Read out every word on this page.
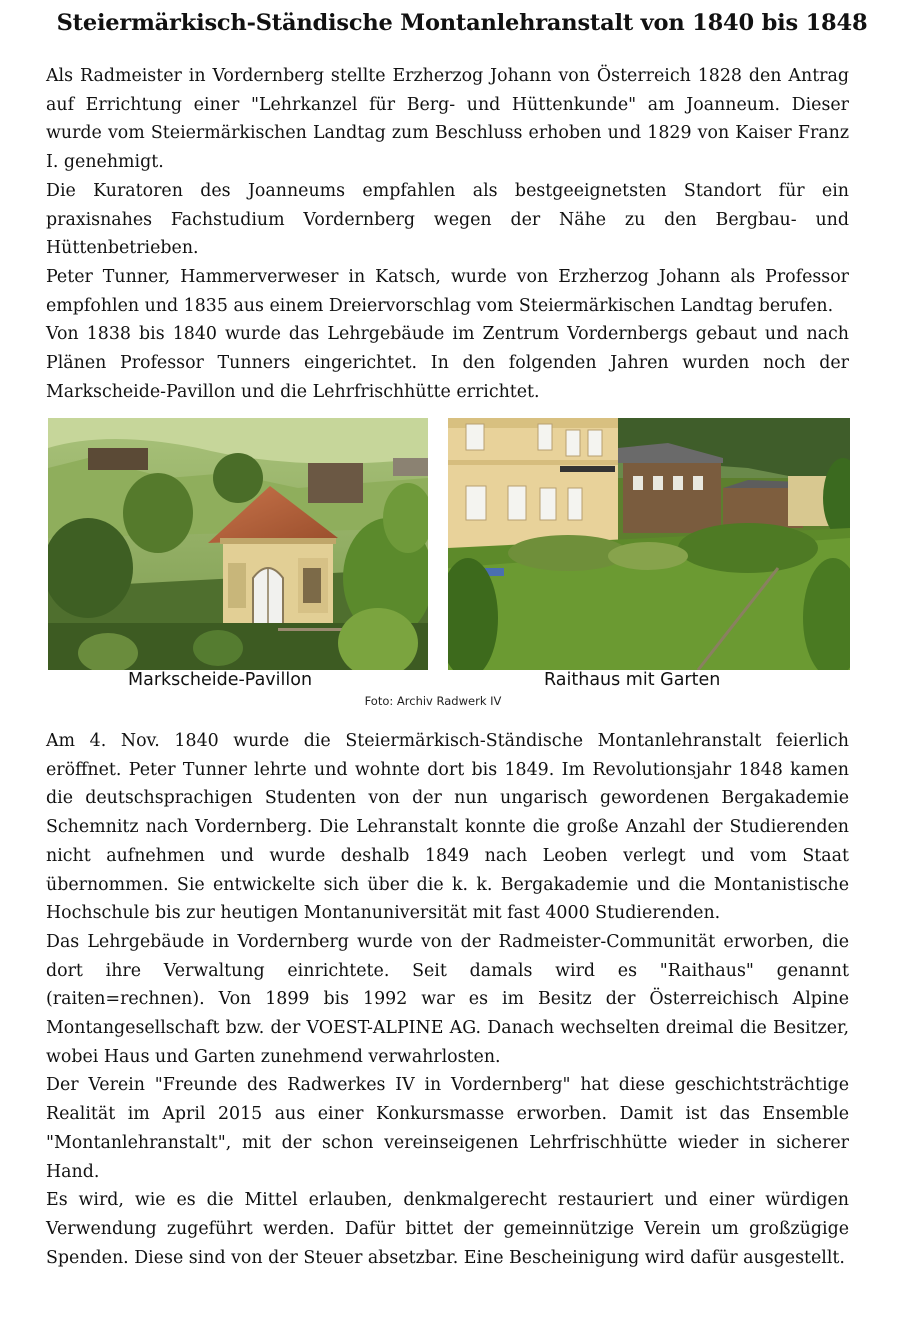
Steiermärkisch-Ständische Montanlehranstalt von 1840 bis 1848

Als Radmeister in Vordernberg stellte Erzherzog Johann von Österreich 1828 den Antrag auf Errichtung einer "Lehrkanzel für Berg- und Hüttenkunde" am Joanneum. Dieser wurde vom Steiermärkischen Landtag zum Beschluss erhoben und 1829 von Kaiser Franz I. genehmigt.

Die Kuratoren des Joanneums empfahlen als bestgeeignetsten Standort für ein praxisnahes Fachstudium Vordernberg wegen der Nähe zu den Bergbau- und Hüttenbetrieben.

Peter Tunner, Hammerverweser in Katsch, wurde von Erzherzog Johann als Professor empfohlen und 1835 aus einem Dreiervorschlag vom Steiermärkischen Landtag berufen.

Von 1838 bis 1840 wurde das Lehrgebäude im Zentrum Vordernbergs gebaut und nach Plänen Professor Tunners eingerichtet. In den folgenden Jahren wurden noch der Markscheide-Pavillon und die Lehrfrischhütte errichtet.

Markscheide-Pavillon	Raithaus mit Garten
Foto: Archiv Radwerk IV

Am 4. Nov. 1840 wurde die Steiermärkisch-Ständische Montanlehranstalt feierlich eröffnet. Peter Tunner lehrte und wohnte dort bis 1849. Im Revolutionsjahr 1848 kamen die deutschsprachigen Studenten von der nun ungarisch gewordenen Bergakademie Schemnitz nach Vordernberg. Die Lehranstalt konnte die große Anzahl der Studierenden nicht aufnehmen und wurde deshalb 1849 nach Leoben verlegt und vom Staat übernommen. Sie entwickelte sich über die k. k. Bergakademie und die Montanistische Hochschule bis zur heutigen Montanuniversität mit fast 4000 Studierenden.

Das Lehrgebäude in Vordernberg wurde von der Radmeister-Communität erworben, die dort ihre Verwaltung einrichtete. Seit damals wird es "Raithaus" genannt (raiten=rechnen). Von 1899 bis 1992 war es im Besitz der Österreichisch Alpine Montangesellschaft bzw. der VOEST-ALPINE AG. Danach wechselten dreimal die Besitzer, wobei Haus und Garten zunehmend verwahrlosten.

Der Verein "Freunde des Radwerkes IV in Vordernberg" hat diese geschichtsträchtige Realität im April 2015 aus einer Konkursmasse erworben. Damit ist das Ensemble "Montanlehranstalt", mit der schon vereinseigenen Lehrfrischhütte wieder in sicherer Hand.

Es wird, wie es die Mittel erlauben, denkmalgerecht restauriert und einer würdigen Verwendung zugeführt werden. Dafür bittet der gemeinnützige Verein um großzügige Spenden. Diese sind von der Steuer absetzbar. Eine Bescheinigung wird dafür ausgestellt.
